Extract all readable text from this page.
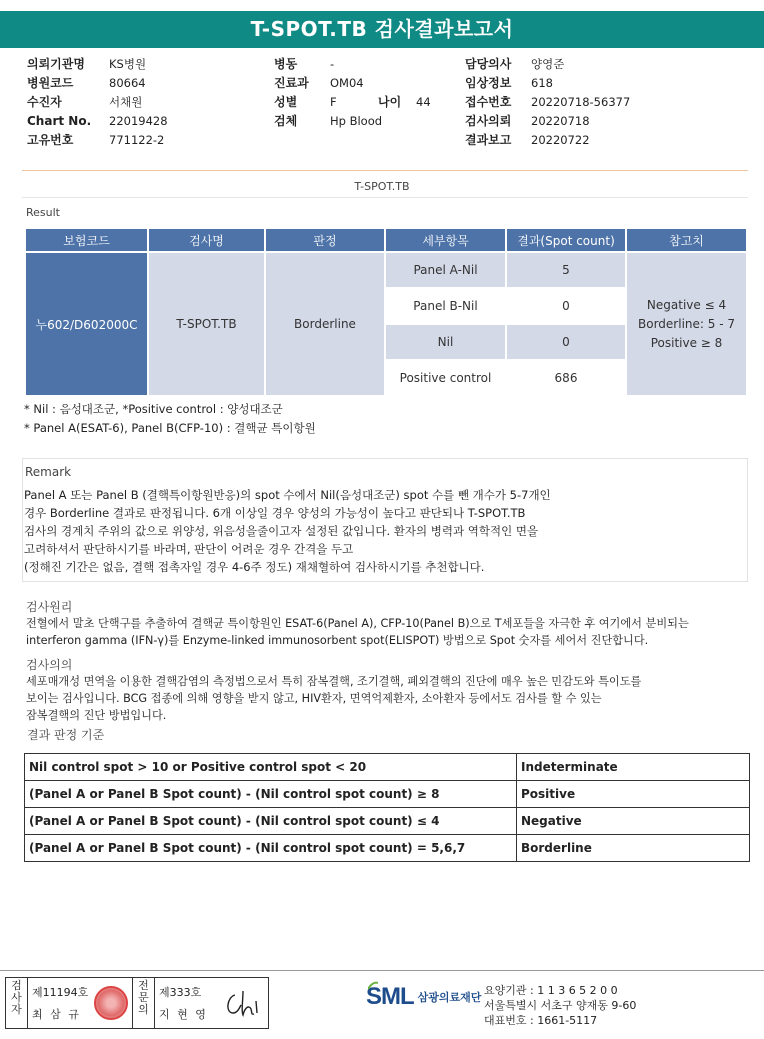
T-SPOT.TB 검사결과보고서
의뢰기관명 KS병원
병원코드	80664
수진자	서채원
Chart No. 22019428
고유번호	771122-2
병동	-
진료과 OM04
성별	F	나이 44
검체	Hp Blood
담당의사 양영준
임상정보 618
접수번호 20220718-56377
검사의뢰 20220718
결과보고 20220722
T-SPOT.TB
Result
보험코드	검사명	판정	세부항목	결과(Spot count)	참고치
누602/D602000C	T-SPOT.TB	Borderline	Panel A-Nil	5	Negative ≤ 4
Borderline: 5 - 7
Positive ≥ 8

			Panel B-Nil	0	
			Nil	0	
			Positive control	686	
* Nil : 음성대조군, *Positive control : 양성대조군
* Panel A(ESAT-6), Panel B(CFP-10) : 결핵균 특이항원
Remark
Panel A 또는 Panel B (결핵특이항원반응)의 spot 수에서 Nil(음성대조군) spot 수를 뺀 개수가 5-7개인
경우 Borderline 결과로 판정됩니다. 6개 이상일 경우 양성의 가능성이 높다고 판단되나 T-SPOT.TB
검사의 경계치 주위의 값으로 위양성, 위음성을줄이고자 설정된 값입니다. 환자의 병력과 역학적인 면을
고려하셔서 판단하시기를 바라며, 판단이 어려운 경우 간격을 두고
(정해진 기간은 없음, 결핵 접촉자일 경우 4-6주 정도) 재채혈하여 검사하시기를 추천합니다.
검사원리
전혈에서 말초 단핵구를 추출하여 결핵균 특이항원인 ESAT-6(Panel A), CFP-10(Panel B)으로 T세포들을 자극한 후 여기에서 분비되는
interferon gamma (IFN-γ)를 Enzyme-linked immunosorbent spot(ELISPOT) 방법으로 Spot 숫자를 세어서 진단합니다.
검사의의
세포매개성 면역을 이용한 결핵감염의 측정법으로서 특히 잠복결핵, 조기결핵, 폐외결핵의 진단에 매우 높은 민감도와 특이도를
보이는 검사입니다. BCG 접종에 의해 영향을 받지 않고, HIV환자, 면역억제환자, 소아환자 등에서도 검사를 할 수 있는
잠복결핵의 진단 방법입니다.
결과 판정 기준
Nil control spot > 10 or Positive control spot < 20	Indeterminate
(Panel A or Panel B Spot count) - (Nil control spot count) ≥ 8	Positive
(Panel A or Panel B Spot count) - (Nil control spot count) ≤ 4	Negative
(Panel A or Panel B Spot count) - (Nil control spot count) = 5,6,7	Borderline
검사자
제11194호
최 삼 규
전문의
제333호
지 현 영
SML 삼광의료재단
요양기관 : 1 1 3 6 5 2 0 0
서울특별시 서초구 양재동 9-60
대표번호 : 1661-5117
